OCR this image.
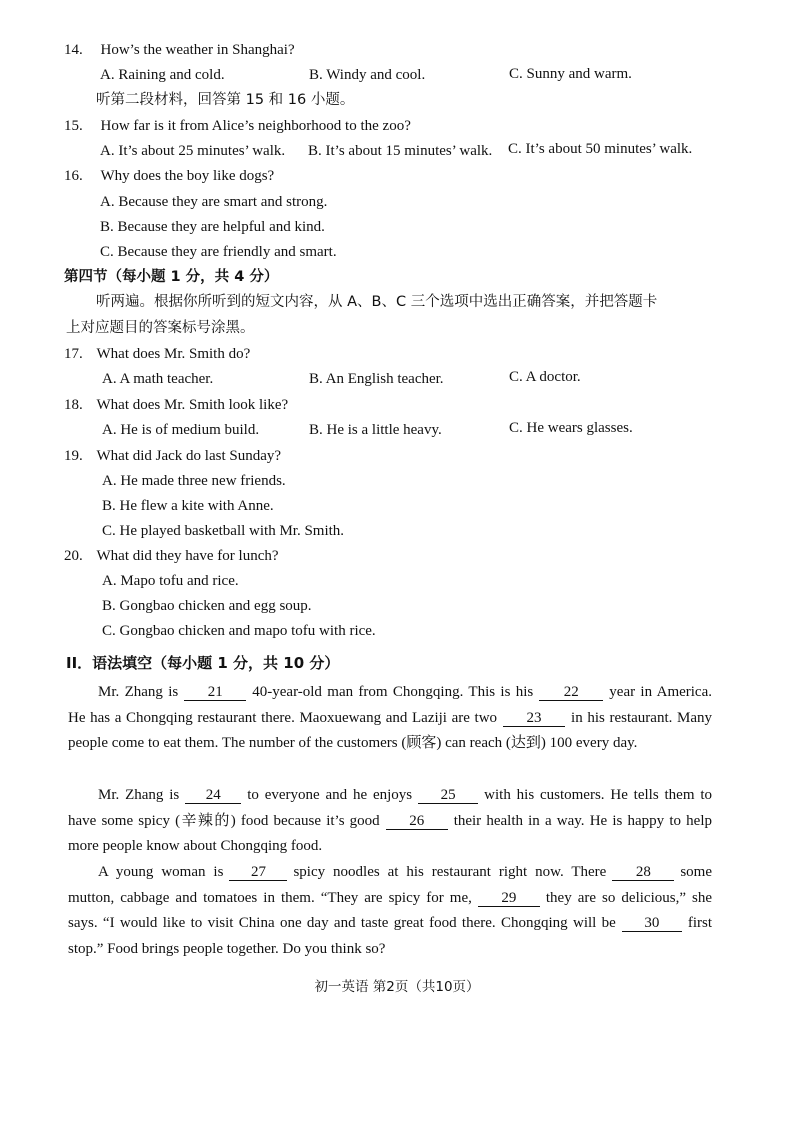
14. How’s the weather in Shanghai?
A. Raining and cold.	B. Windy and cool.	C. Sunny and warm.
听第二段材料，回答第 15 和 16 小题。
15. How far is it from Alice’s neighborhood to the zoo?
A. It’s about 25 minutes’ walk. B. It’s about 15 minutes’ walk. C. It’s about 50 minutes’ walk.
16. Why does the boy like dogs?
A. Because they are smart and strong.
B. Because they are helpful and kind.
C. Because they are friendly and smart.
第四节（每小题 1 分，共 4 分）
听两遍。根据你所听到的短文内容，从 A、B、C 三个选项中选出正确答案，并把答题卡
上对应题目的答案标号涂黑。
17. What does Mr. Smith do?
A. A math teacher.	B. An English teacher.	C. A doctor.
18. What does Mr. Smith look like?
A. He is of medium build.	B. He is a little heavy.	C. He wears glasses.
19. What did Jack do last Sunday?
A. He made three new friends.
B. He flew a kite with Anne.
C. He played basketball with Mr. Smith.
20. What did they have for lunch?
A. Mapo tofu and rice.
B. Gongbao chicken and egg soup.
C. Gongbao chicken and mapo tofu with rice.
II．语法填空（每小题 1 分，共 10 分）
Mr. Zhang is 21 40-year-old man from Chongqing. This is his 22 year in America. He has a Chongqing restaurant there. Maoxuewang and Laziji are two 23 in his restaurant. Many people come to eat them. The number of the customers (顾客) can reach (达到) 100 every day.
Mr. Zhang is 24 to everyone and he enjoys 25 with his customers. He tells them to have some spicy (辛辣的) food because it’s good 26 their health in a way. He is happy to help more people know about Chongqing food.
A young woman is 27 spicy noodles at his restaurant right now. There 28 some mutton, cabbage and tomatoes in them. “They are spicy for me, 29 they are so delicious,” she says. “I would like to visit China one day and taste great food there. Chongqing will be 30 first stop.” Food brings people together. Do you think so?
初一英语 第2页（共10页）
